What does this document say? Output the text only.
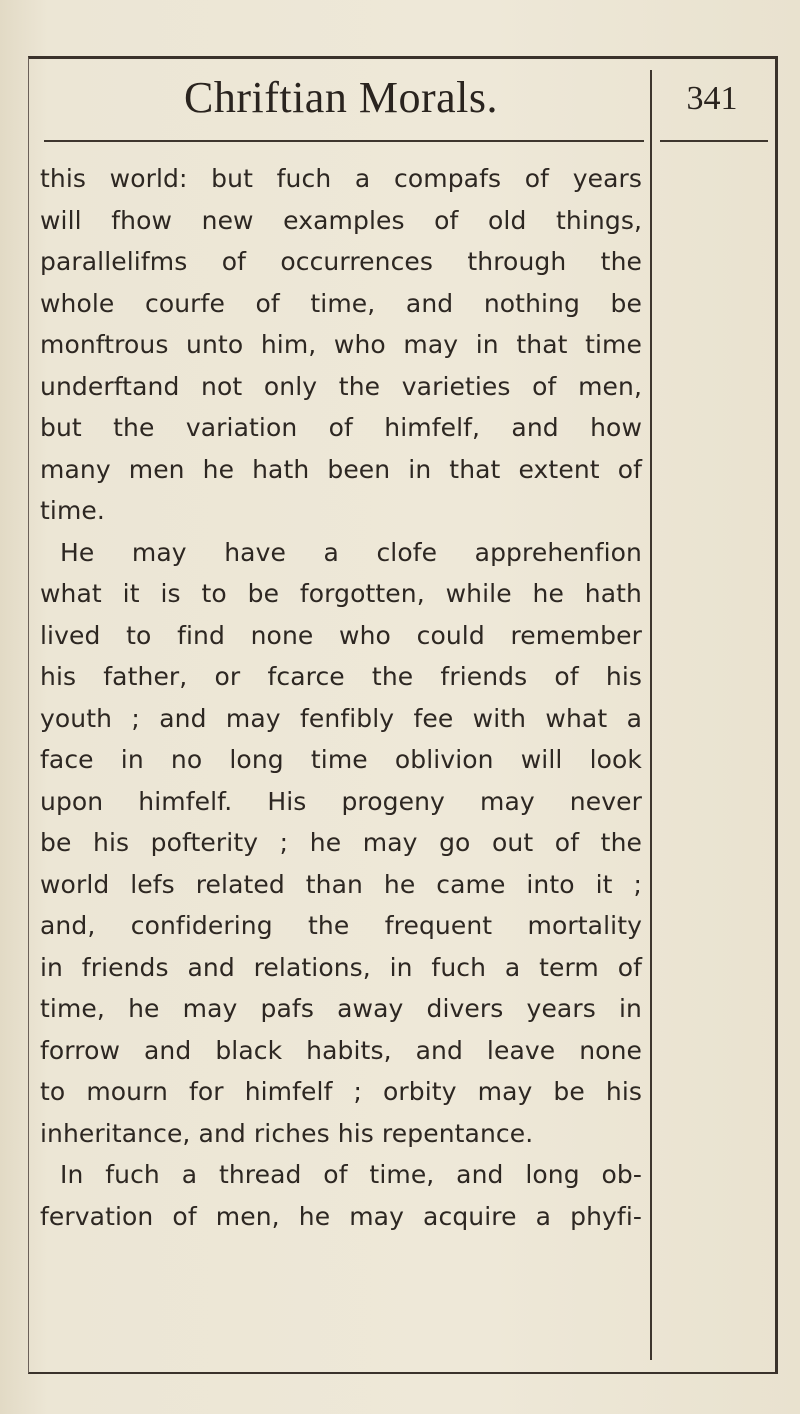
Chriftian Morals.	341
this world: but fuch a compafs of years
will fhow new examples of old things,
parallelifms of occurrences through the
whole courfe of time, and nothing be
monftrous unto him, who may in that time
underftand not only the varieties of men,
but the variation of himfelf, and how
many men he hath been in that extent of
time.
He may have a clofe apprehenfion
what it is to be forgotten, while he hath
lived to find none who could remember
his father, or fcarce the friends of his
youth ; and may fenfibly fee with what a
face in no long time oblivion will look
upon himfelf. His progeny may never
be his pofterity ; he may go out of the
world lefs related than he came into it ;
and, confidering the frequent mortality
in friends and relations, in fuch a term of
time, he may pafs away divers years in
forrow and black habits, and leave none
to mourn for himfelf ; orbity may be his
inheritance, and riches his repentance.
In fuch a thread of time, and long ob-
fervation of men, he may acquire a phyfi-
